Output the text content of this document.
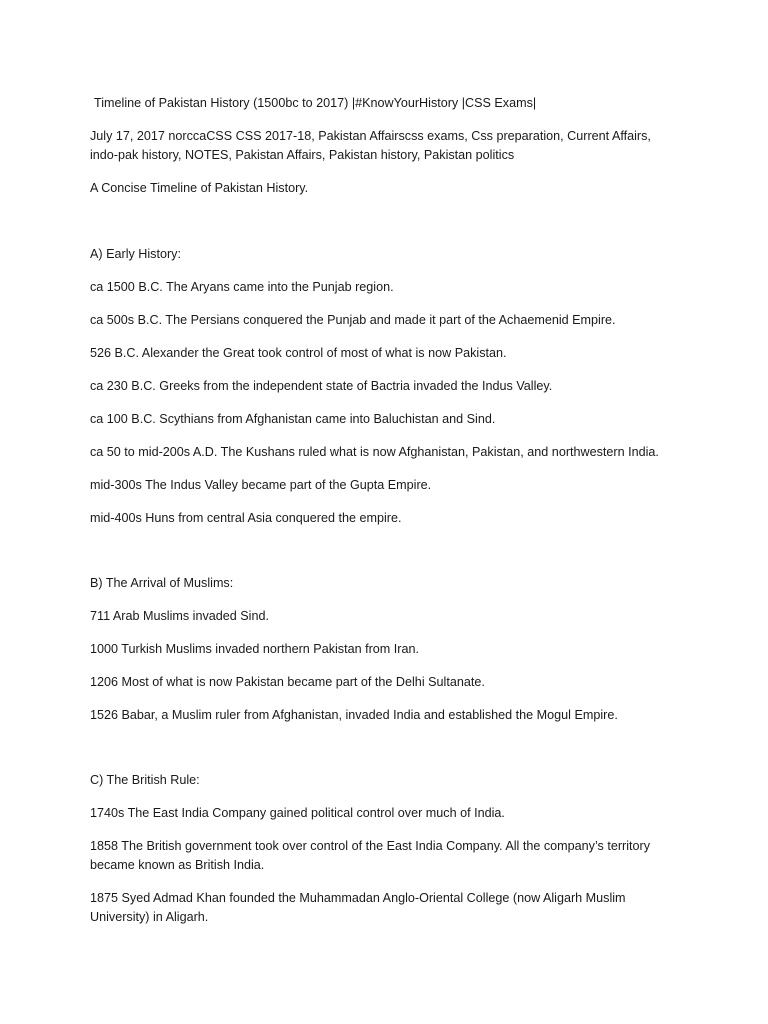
Timeline of Pakistan History (1500bc to 2017) |#KnowYourHistory |CSS Exams|

July 17, 2017 norccaCSS CSS 2017-18, Pakistan Affairscss exams, Css preparation, Current Affairs, indo-pak history, NOTES, Pakistan Affairs, Pakistan history, Pakistan politics

A Concise Timeline of Pakistan History.

A) Early History:

ca 1500 B.C. The Aryans came into the Punjab region.

ca 500s B.C. The Persians conquered the Punjab and made it part of the Achaemenid Empire.

526 B.C. Alexander the Great took control of most of what is now Pakistan.

ca 230 B.C. Greeks from the independent state of Bactria invaded the Indus Valley.

ca 100 B.C. Scythians from Afghanistan came into Baluchistan and Sind.

ca 50 to mid-200s A.D. The Kushans ruled what is now Afghanistan, Pakistan, and northwestern India.

mid-300s The Indus Valley became part of the Gupta Empire.

mid-400s Huns from central Asia conquered the empire.

B) The Arrival of Muslims:

711 Arab Muslims invaded Sind.

1000 Turkish Muslims invaded northern Pakistan from Iran.

1206 Most of what is now Pakistan became part of the Delhi Sultanate.

1526 Babar, a Muslim ruler from Afghanistan, invaded India and established the Mogul Empire.

C) The British Rule:

1740s The East India Company gained political control over much of India.

1858 The British government took over control of the East India Company. All the company’s territory became known as British India.

1875 Syed Admad Khan founded the Muhammadan Anglo-Oriental College (now Aligarh Muslim University) in Aligarh.
